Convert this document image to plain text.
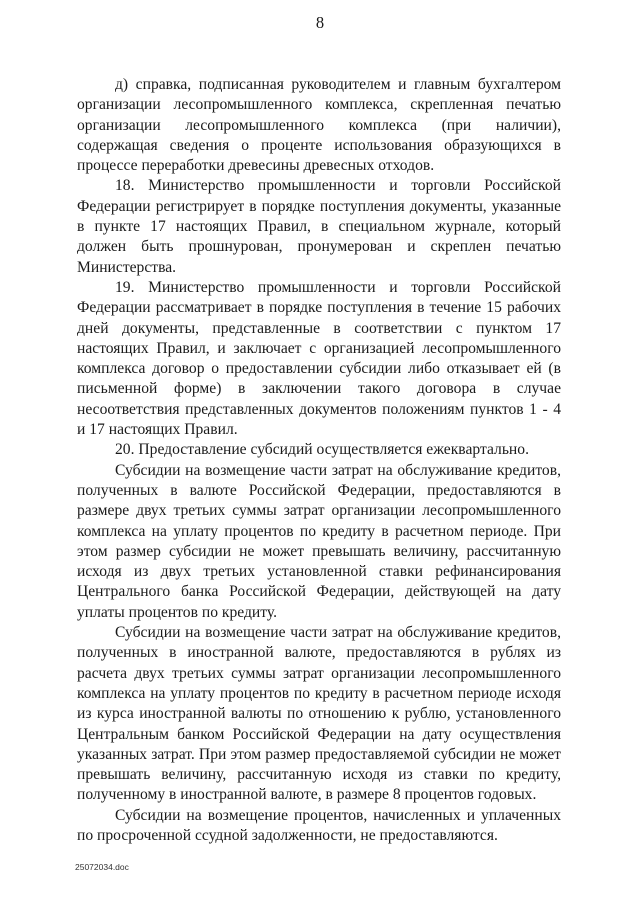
8

д) справка, подписанная руководителем и главным бухгалтером организации лесопромышленного комплекса, скрепленная печатью организации лесопромышленного комплекса (при наличии), содержащая сведения о проценте использования образующихся в процессе переработки древесины древесных отходов.

18. Министерство промышленности и торговли Российской Федерации регистрирует в порядке поступления документы, указанные в пункте 17 настоящих Правил, в специальном журнале, который должен быть прошнурован, пронумерован и скреплен печатью Министерства.

19. Министерство промышленности и торговли Российской Федерации рассматривает в порядке поступления в течение 15 рабочих дней документы, представленные в соответствии с пунктом 17 настоящих Правил, и заключает с организацией лесопромышленного комплекса договор о предоставлении субсидии либо отказывает ей (в письменной форме) в заключении такого договора в случае несоответствия представленных документов положениям пунктов 1 - 4 и 17 настоящих Правил.

20. Предоставление субсидий осуществляется ежеквартально.

Субсидии на возмещение части затрат на обслуживание кредитов, полученных в валюте Российской Федерации, предоставляются в размере двух третьих суммы затрат организации лесопромышленного комплекса на уплату процентов по кредиту в расчетном периоде. При этом размер субсидии не может превышать величину, рассчитанную исходя из двух третьих установленной ставки рефинансирования Центрального банка Российской Федерации, действующей на дату уплаты процентов по кредиту.

Субсидии на возмещение части затрат на обслуживание кредитов, полученных в иностранной валюте, предоставляются в рублях из расчета двух третьих суммы затрат организации лесопромышленного комплекса на уплату процентов по кредиту в расчетном периоде исходя из курса иностранной валюты по отношению к рублю, установленного Центральным банком Российской Федерации на дату осуществления указанных затрат. При этом размер предоставляемой субсидии не может превышать величину, рассчитанную исходя из ставки по кредиту, полученному в иностранной валюте, в размере 8 процентов годовых.

Субсидии на возмещение процентов, начисленных и уплаченных по просроченной ссудной задолженности, не предоставляются.

25072034.doc
